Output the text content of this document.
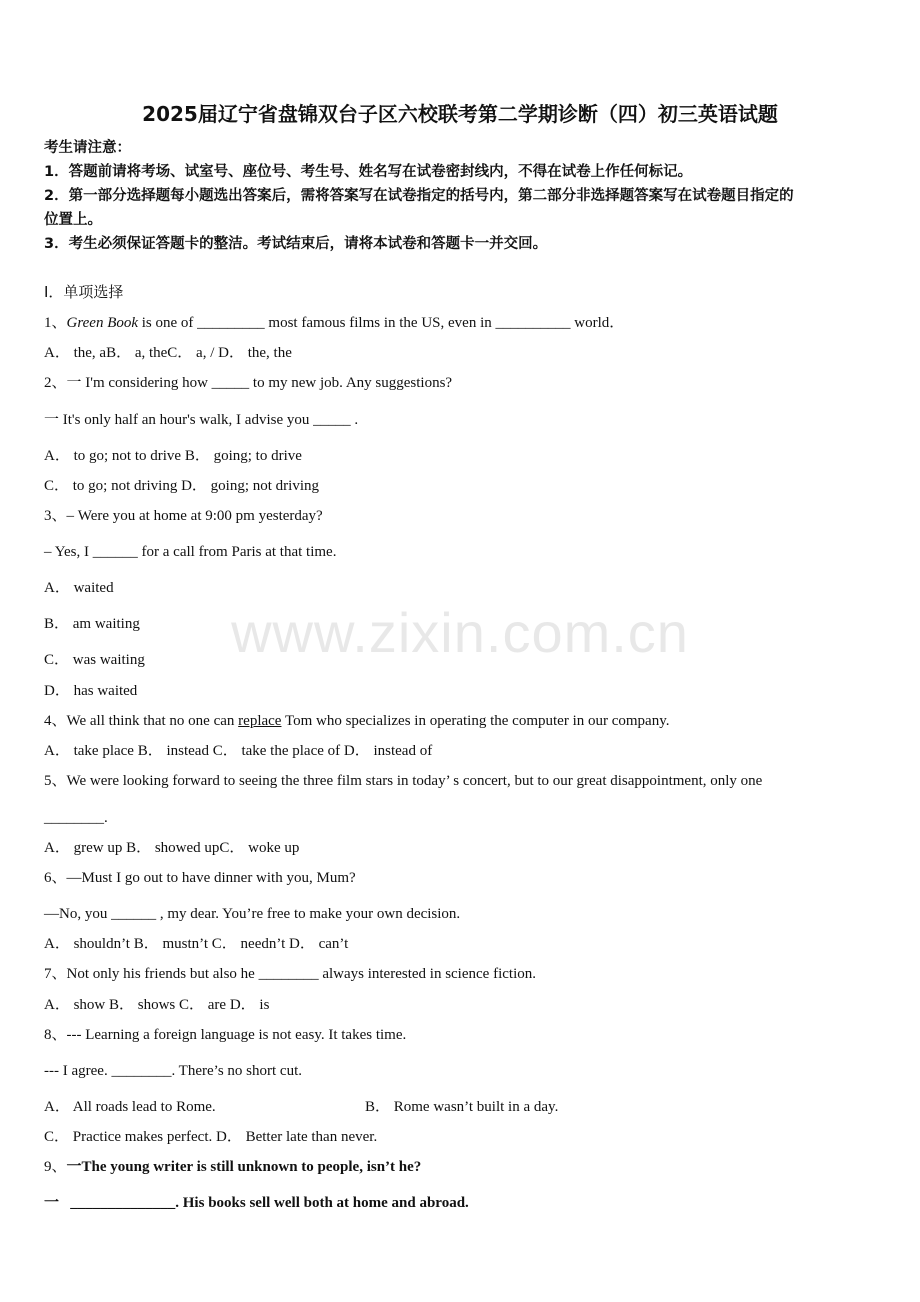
2025届辽宁省盘锦双台子区六校联考第二学期诊断（四）初三英语试题
考生请注意：
1．答题前请将考场、试室号、座位号、考生号、姓名写在试卷密封线内，不得在试卷上作任何标记。
2．第一部分选择题每小题选出答案后，需将答案写在试卷指定的括号内，第二部分非选择题答案写在试卷题目指定的
位置上。
3．考生必须保证答题卡的整洁。考试结束后，请将本试卷和答题卡一并交回。
Ⅰ．单项选择
1、Green Book is one of _________ most famous films in the US, even in __________ world．
A． the, aB． a, theC． a, / D． the, the
2、一 I'm considering how _____ to my new job. Any suggestions?
一 It's only half an hour's walk, I advise you _____ .
A． to go; not to drive B． going; to drive
C． to go; not driving D． going; not driving
3、– Were you at home at 9:00 pm yesterday?
– Yes, I ______ for a call from Paris at that time.
A． waited
B． am waiting
C． was waiting
D． has waited
4、We all think that no one can replace Tom who specializes in operating the computer in our company.
A． take place B． instead C． take the place of D． instead of
5、We were looking forward to seeing the three film stars in today’ s concert, but to our great disappointment, only one
________.
A． grew up B． showed upC． woke up
6、—Must I go out to have dinner with you, Mum?
—No, you ______ , my dear. You’re free to make your own decision.
A． shouldn’t B． mustn’t C． needn’t D． can’t
7、Not only his friends but also he ________ always interested in science fiction.
A． show B． shows C． are D． is
8、--- Learning a foreign language is not easy. It takes time.
--- I agree. ________. There’s no short cut.
A． All roads lead to Rome.	B． Rome wasn’t built in a day.
C． Practice makes perfect. D． Better late than never.
9、一The young writer is still unknown to people, isn’t he?
一 ______________. His books sell well both at home and abroad.
www.zixin.com.cn
